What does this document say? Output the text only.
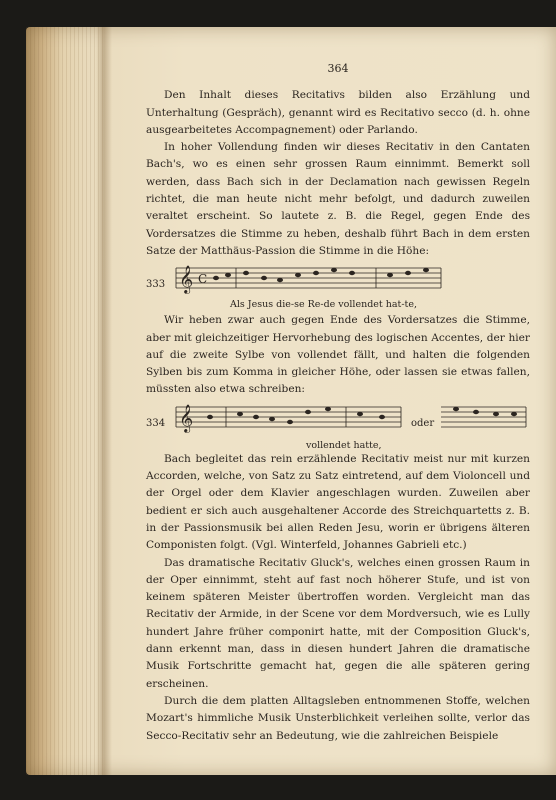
364

Den Inhalt dieses Recitativs bilden also Erzählung und Unterhaltung (Gespräch), genannt wird es Recitativo secco (d. h. ohne ausgearbeitetes Accompagnement) oder Parlando.

In hoher Vollendung finden wir dieses Recitativ in den Cantaten Bach's, wo es einen sehr grossen Raum einnimmt. Bemerkt soll werden, dass Bach sich in der Declamation nach gewissen Regeln richtet, die man heute nicht mehr befolgt, und dadurch zuweilen veraltet erscheint. So lautete z. B. die Regel, gegen Ende des Vordersatzes die Stimme zu heben, deshalb führt Bach in dem ersten Satze der Matthäus-Passion die Stimme in die Höhe:

333 𝄞 C
Als Jesus die-se Re-de vollendet hat-te,

Wir heben zwar auch gegen Ende des Vordersatzes die Stimme, aber mit gleichzeitiger Hervorhebung des logischen Accentes, der hier auf die zweite Sylbe von vollendet fällt, und halten die folgenden Sylben bis zum Komma in gleicher Höhe, oder lassen sie etwas fallen, müssten also etwa schreiben:

334 𝄞	oder
vollendet hatte,

Bach begleitet das rein erzählende Recitativ meist nur mit kurzen Accorden, welche, von Satz zu Satz eintretend, auf dem Violoncell und der Orgel oder dem Klavier angeschlagen wurden. Zuweilen aber bedient er sich auch ausgehaltener Accorde des Streichquartetts z. B. in der Passionsmusik bei allen Reden Jesu, worin er übrigens älteren Componisten folgt. (Vgl. Winterfeld, Johannes Gabrieli etc.)

Das dramatische Recitativ Gluck's, welches einen grossen Raum in der Oper einnimmt, steht auf fast noch höherer Stufe, und ist von keinem späteren Meister übertroffen worden. Vergleicht man das Recitativ der Armide, in der Scene vor dem Mordversuch, wie es Lully hundert Jahre früher componirt hatte, mit der Composition Gluck's, dann erkennt man, dass in diesen hundert Jahren die dramatische Musik Fortschritte gemacht hat, gegen die alle späteren gering erscheinen.

Durch die dem platten Alltagsleben entnommenen Stoffe, welchen Mozart's himmliche Musik Unsterblichkeit verleihen sollte, verlor das Secco-Recitativ sehr an Bedeutung, wie die zahlreichen Beispiele
